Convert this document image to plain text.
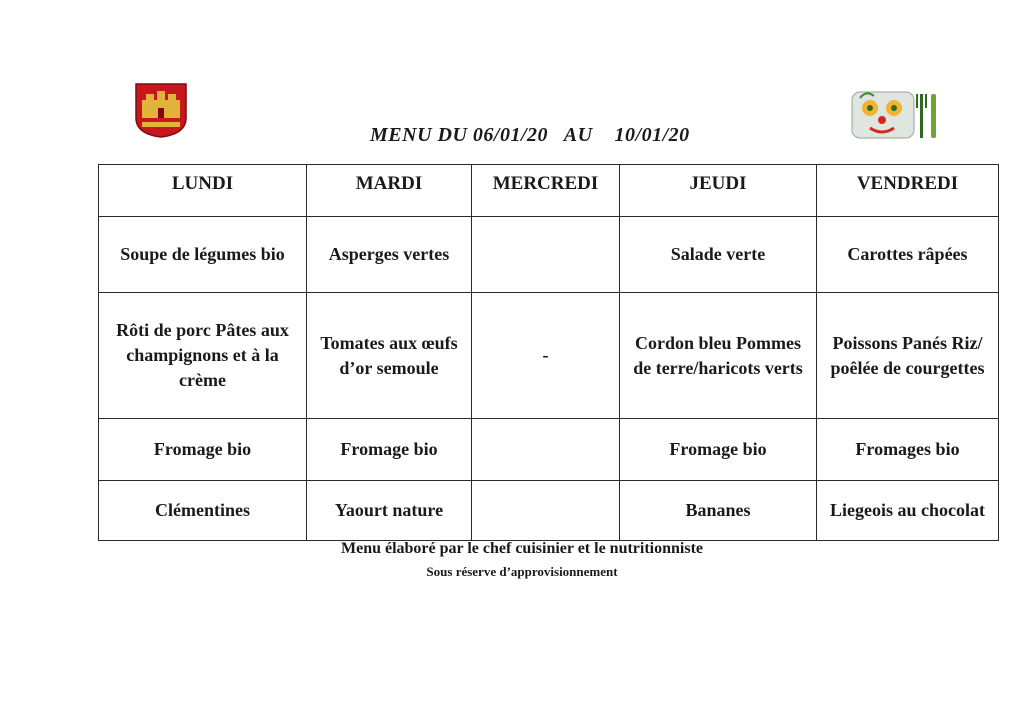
MENU DU 06/01/20   AU    10/01/20
LUNDI	MARDI	MERCREDI	JEUDI	VENDREDI
Soupe de légumes bio	Asperges vertes		Salade verte	Carottes râpées
Rôti de porc Pâtes aux champignons et à la crème	Tomates aux œufs d’or semoule	-	Cordon bleu Pommes de terre/haricots verts	Poissons Panés Riz/ poêlée de courgettes
Fromage bio	Fromage bio		Fromage bio	Fromages bio
Clémentines	Yaourt nature		Bananes	Liegeois au chocolat
Menu élaboré par le chef cuisinier et le nutritionniste
Sous réserve d’approvisionnement
